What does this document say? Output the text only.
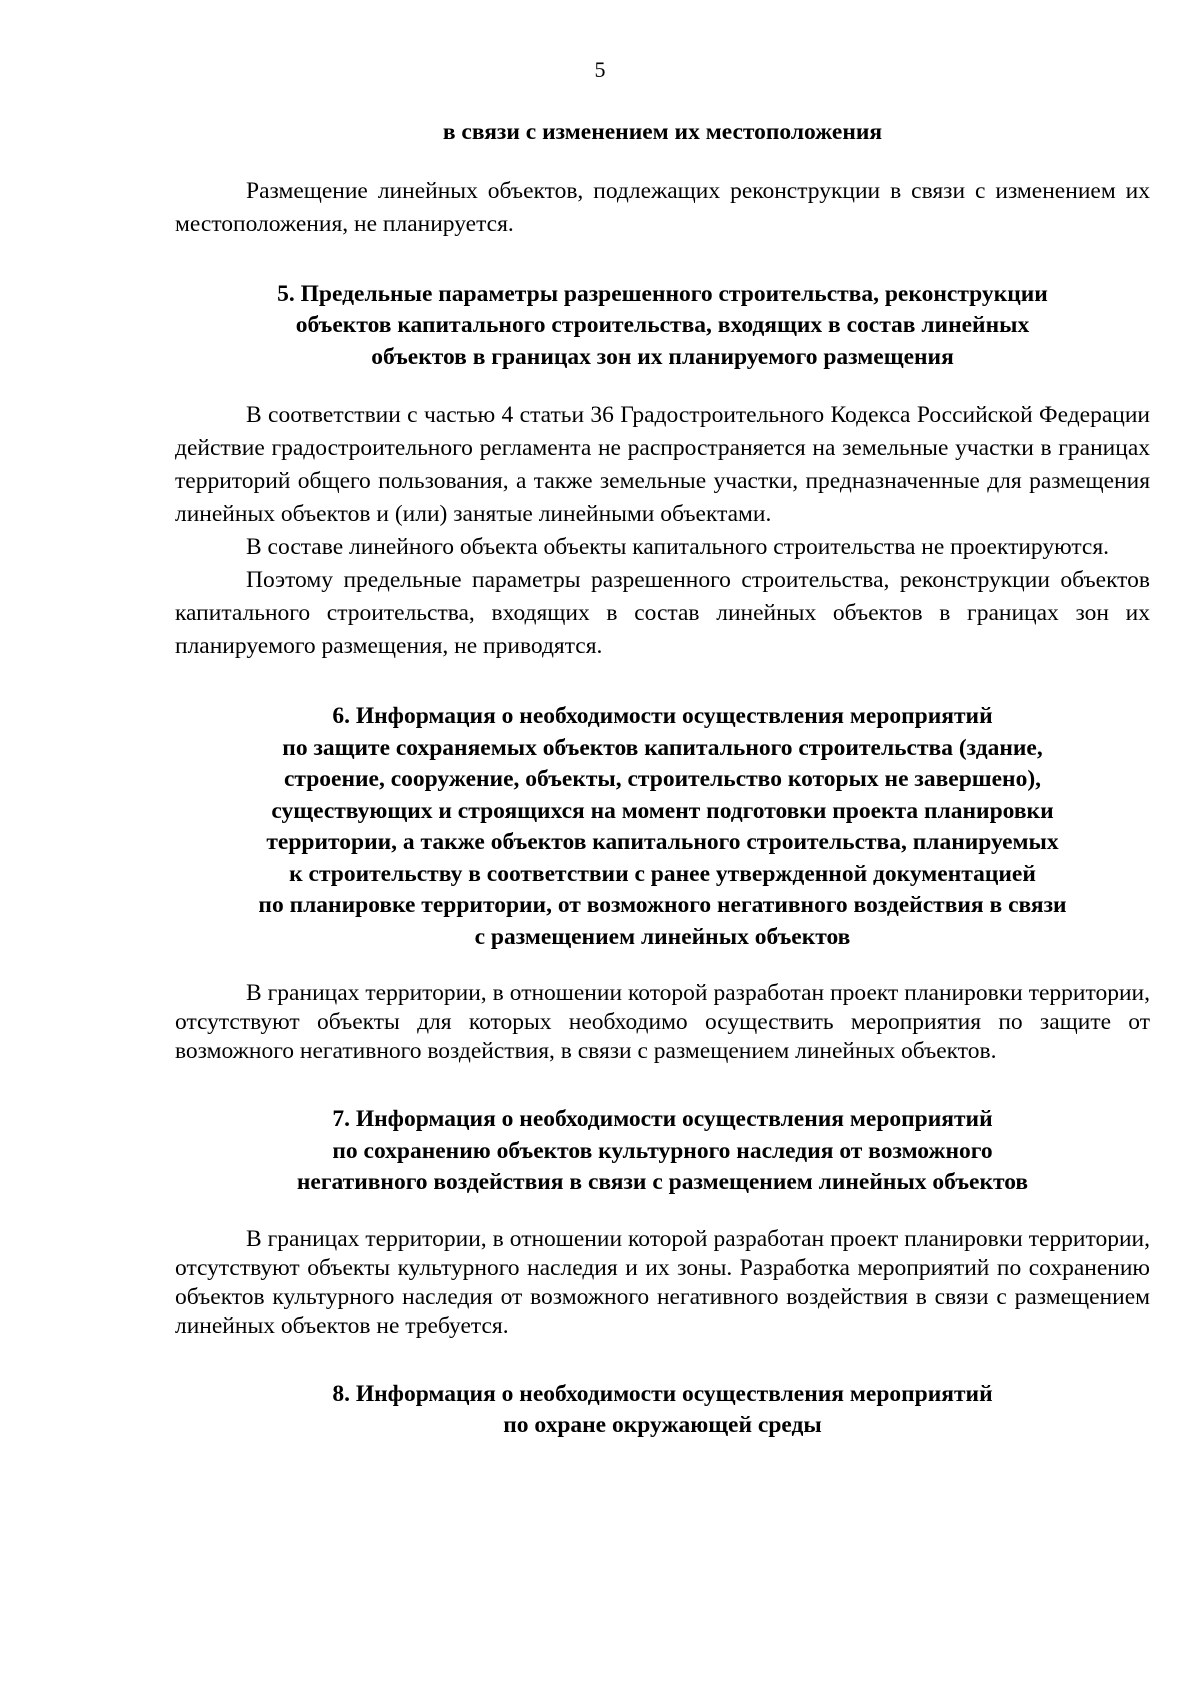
5
в связи с изменением их местоположения

Размещение линейных объектов, подлежащих реконструкции в связи с изменением их местоположения, не планируется.

5. Предельные параметры разрешенного строительства, реконструкции
объектов капитального строительства, входящих в состав линейных
объектов в границах зон их планируемого размещения

В соответствии с частью 4 статьи 36 Градостроительного Кодекса Российской Федерации действие градостроительного регламента не распространяется на земельные участки в границах территорий общего пользования, а также земельные участки, предназначенные для размещения линейных объектов и (или) занятые линейными объектами.

В составе линейного объекта объекты капитального строительства не проектируются.

Поэтому предельные параметры разрешенного строительства, реконструкции объектов капитального строительства, входящих в состав линейных объектов в границах зон их планируемого размещения, не приводятся.

6. Информация о необходимости осуществления мероприятий
по защите сохраняемых объектов капитального строительства (здание,
строение, сооружение, объекты, строительство которых не завершено),
существующих и строящихся на момент подготовки проекта планировки
территории, а также объектов капитального строительства, планируемых
к строительству в соответствии с ранее утвержденной документацией
по планировке территории, от возможного негативного воздействия в связи
с размещением линейных объектов

В границах территории, в отношении которой разработан проект планировки территории, отсутствуют объекты для которых необходимо осуществить мероприятия по защите от возможного негативного воздействия, в связи с размещением линейных объектов.

7. Информация о необходимости осуществления мероприятий
по сохранению объектов культурного наследия от возможного
негативного воздействия в связи с размещением линейных объектов

В границах территории, в отношении которой разработан проект планировки территории, отсутствуют объекты культурного наследия и их зоны. Разработка мероприятий по сохранению объектов культурного наследия от возможного негативного воздействия в связи с размещением линейных объектов не требуется.

8. Информация о необходимости осуществления мероприятий
по охране окружающей среды
